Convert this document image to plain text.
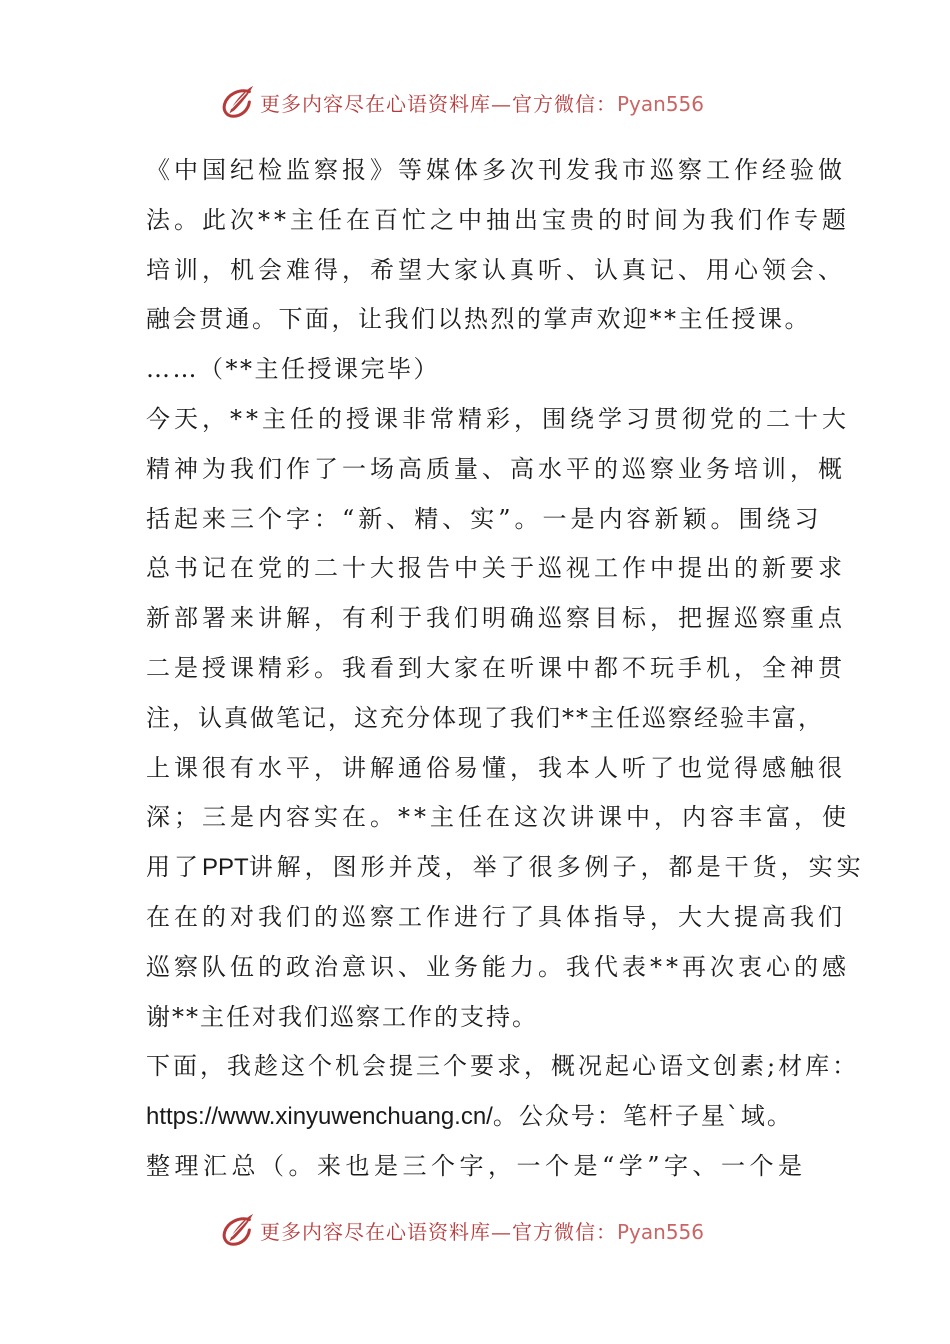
更多内容尽在心语资料库—官方微信：Pyan556
《中国纪检监察报》等媒体多次刊发我市巡察工作经验做
法。此次**主任在百忙之中抽出宝贵的时间为我们作专题
培训，机会难得，希望大家认真听、认真记、用心领会、
融会贯通。下面，让我们以热烈的掌声欢迎**主任授课。
……（**主任授课完毕）
今天，**主任的授课非常精彩，围绕学习贯彻党的二十大
精神为我们作了一场高质量、高水平的巡察业务培训，概
括起来三个字：“新、精、实”。一是内容新颖。围绕习
总书记在党的二十大报告中关于巡视工作中提出的新要求
新部署来讲解，有利于我们明确巡察目标，把握巡察重点
二是授课精彩。我看到大家在听课中都不玩手机，全神贯
注，认真做笔记，这充分体现了我们**主任巡察经验丰富，
上课很有水平，讲解通俗易懂，我本人听了也觉得感触很
深；三是内容实在。**主任在这次讲课中，内容丰富，使
用了PPT讲解，图形并茂，举了很多例子，都是干货，实实
在在的对我们的巡察工作进行了具体指导，大大提高我们
巡察队伍的政治意识、业务能力。我代表**再次衷心的感
谢**主任对我们巡察工作的支持。
下面，我趁这个机会提三个要求，概况起心语文创素;材库：
https://www.xinyuwenchuang.cn/。公众号：笔杆子星`域。
整理汇总（。来也是三个字，一个是“学”字、一个是
更多内容尽在心语资料库—官方微信：Pyan556
